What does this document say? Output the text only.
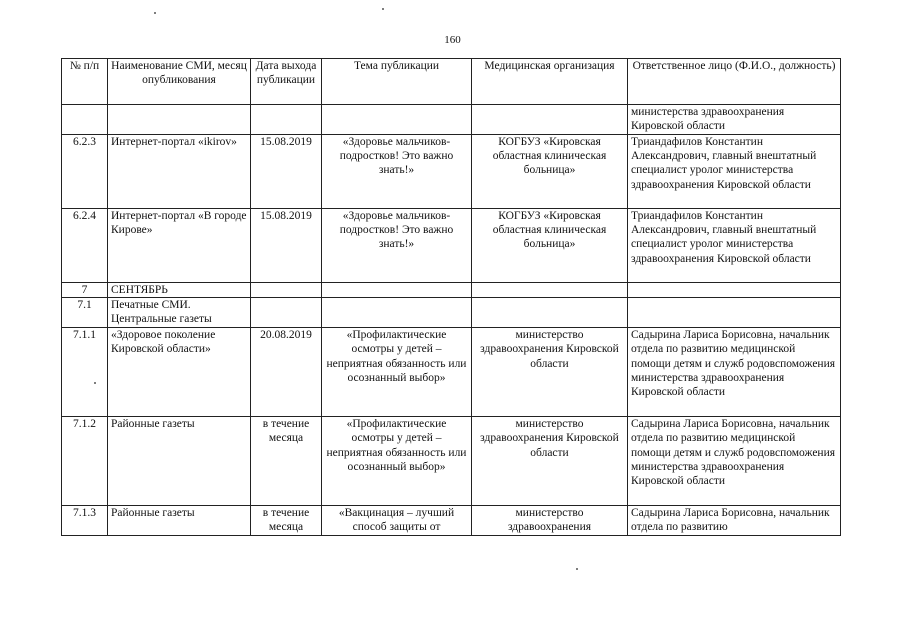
160
№ п/п	Наименование СМИ, месяц опубликования	Дата выхода публикации	Тема публикации	Медицинская организация	Ответственное лицо (Ф.И.О., должность)
					министерства здравоохранения Кировской области
6.2.3	Интернет-портал «ikirov»	15.08.2019	«Здоровье мальчиков-подростков! Это важно знать!»	КОГБУЗ «Кировская областная клиническая больница»	Триандафилов Константин Александрович, главный внештатный специалист уролог министерства здравоохранения Кировской области
6.2.4	Интернет-портал «В городе Кирове»	15.08.2019	«Здоровье мальчиков-подростков! Это важно знать!»	КОГБУЗ «Кировская областная клиническая больница»	Триандафилов Константин Александрович, главный внештатный специалист уролог министерства здравоохранения Кировской области
7	СЕНТЯБРЬ				
7.1	Печатные СМИ. Центральные газеты				
7.1.1	«Здоровое поколение Кировской области»	20.08.2019	«Профилактические осмотры у детей – неприятная обязанность или осознанный выбор»	министерство здравоохранения Кировской области	Садырина Лариса Борисовна, начальник отдела по развитию медицинской помощи детям и служб родовспоможения министерства здравоохранения Кировской области
7.1.2	Районные газеты	в течение месяца	«Профилактические осмотры у детей – неприятная обязанность или осознанный выбор»	министерство здравоохранения Кировской области	Садырина Лариса Борисовна, начальник отдела по развитию медицинской помощи детям и служб родовспоможения министерства здравоохранения Кировской области
7.1.3	Районные газеты	в течение месяца	«Вакцинация – лучший способ защиты от	министерство здравоохранения	Садырина Лариса Борисовна, начальник отдела по развитию
